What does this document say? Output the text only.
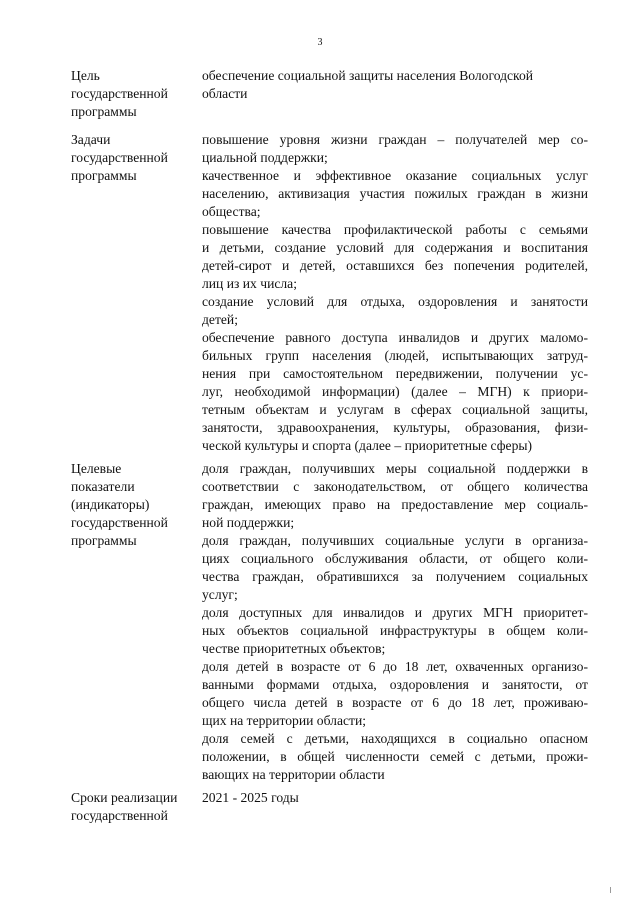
3
Цель
государственной
программы
обеспечение социальной защиты населения Вологодской
области
Задачи
государственной
программы
повышение уровня жизни граждан – получателей мер со-
циальной поддержки;
качественное и эффективное оказание социальных услуг
населению, активизация участия пожилых граждан в жизни
общества;
повышение качества профилактической работы с семьями
и детьми, создание условий для содержания и воспитания
детей-сирот и детей, оставшихся без попечения родителей,
лиц из их числа;
создание условий для отдыха, оздоровления и занятости
детей;
обеспечение равного доступа инвалидов и других маломо-
бильных групп населения (людей, испытывающих затруд-
нения при самостоятельном передвижении, получении ус-
луг, необходимой информации) (далее – МГН) к приори-
тетным объектам и услугам в сферах социальной защиты,
занятости, здравоохранения, культуры, образования, физи-
ческой культуры и спорта (далее – приоритетные сферы)
Целевые
показатели
(индикаторы)
государственной
программы
доля граждан, получивших меры социальной поддержки в
соответствии с законодательством, от общего количества
граждан, имеющих право на предоставление мер социаль-
ной поддержки;
доля граждан, получивших социальные услуги в организа-
циях социального обслуживания области, от общего коли-
чества граждан, обратившихся за получением социальных
услуг;
доля доступных для инвалидов и других МГН приоритет-
ных объектов социальной инфраструктуры в общем коли-
честве приоритетных объектов;
доля детей в возрасте от 6 до 18 лет, охваченных организо-
ванными формами отдыха, оздоровления и занятости, от
общего числа детей в возрасте от 6 до 18 лет, проживаю-
щих на территории области;
доля семей с детьми, находящихся в социально опасном
положении, в общей численности семей с детьми, прожи-
вающих на территории области
Сроки реализации
государственной
2021 - 2025 годы
